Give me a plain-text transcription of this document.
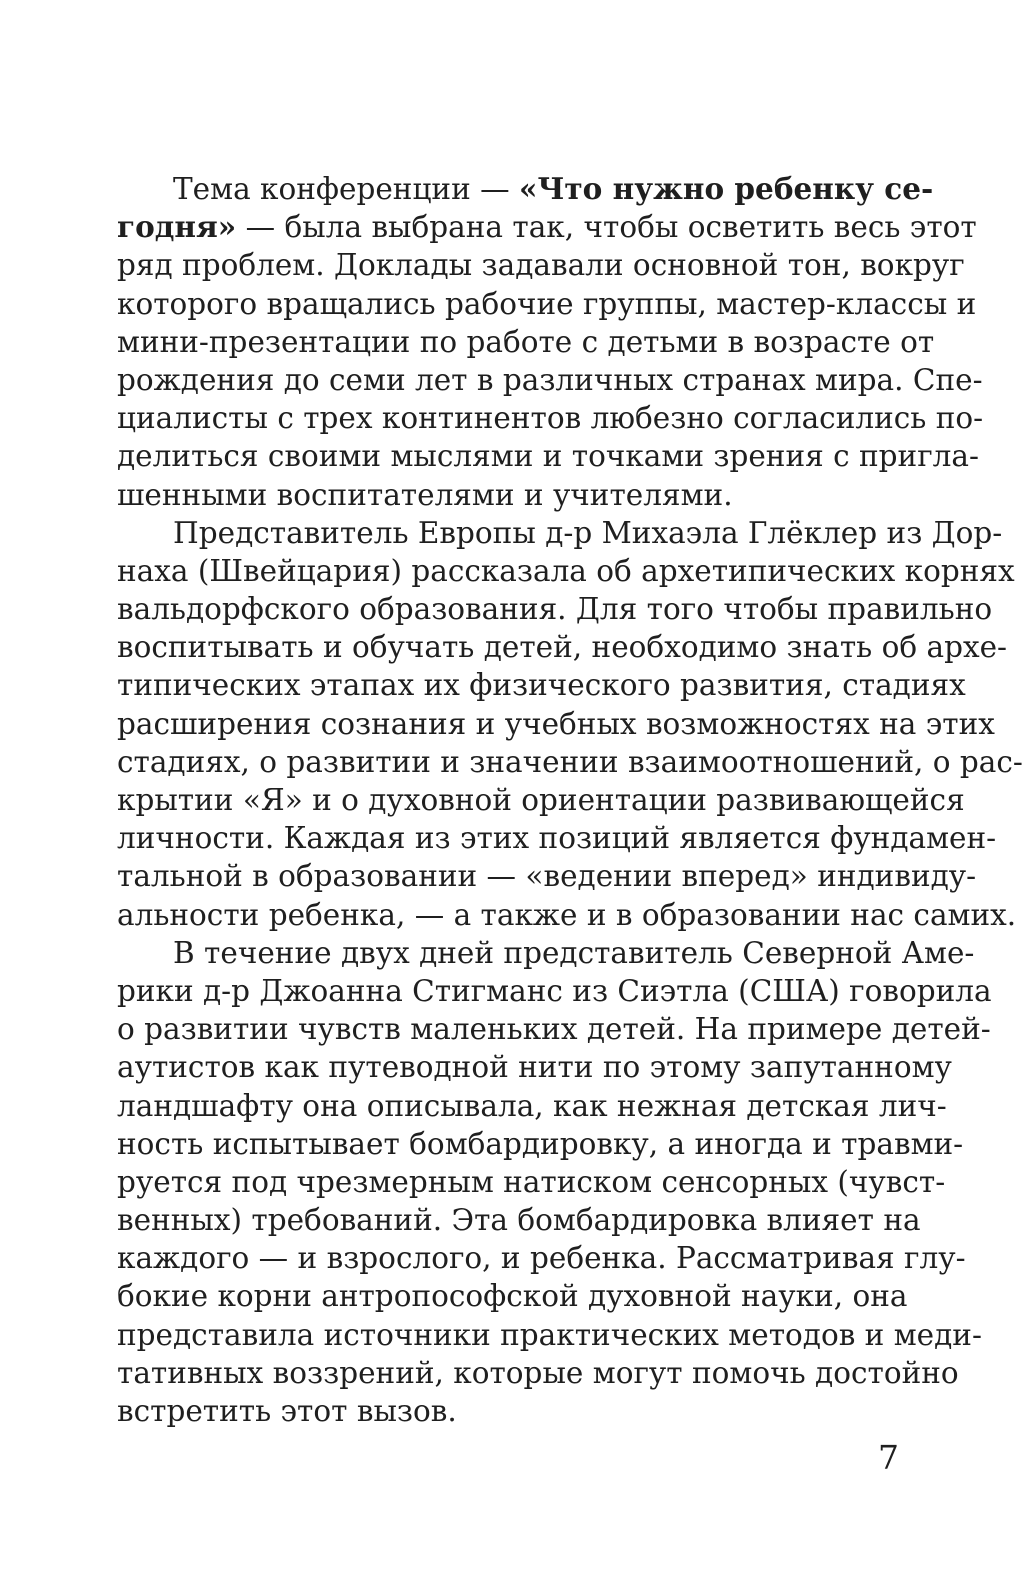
Тема конференции — «Что нужно ребенку се-
годня» — была выбрана так, чтобы осветить весь этот
ряд проблем. Доклады задавали основной тон, вокруг
которого вращались рабочие группы, мастер-классы и
мини-презентации по работе с детьми в возрасте от
рождения до семи лет в различных странах мира. Спе-
циалисты с трех континентов любезно согласились по-
делиться своими мыслями и точками зрения с пригла-
шенными воспитателями и учителями.
Представитель Европы д-р Михаэла Глёклер из Дор-
наха (Швейцария) рассказала об архетипических корнях
вальдорфского образования. Для того чтобы правильно
воспитывать и обучать детей, необходимо знать об архе-
типических этапах их физического развития, стадиях
расширения сознания и учебных возможностях на этих
стадиях, о развитии и значении взаимоотношений, о рас-
крытии «Я» и о духовной ориентации развивающейся
личности. Каждая из этих позиций является фундамен-
тальной в образовании — «ведении вперед» индивиду-
альности ребенка, — а также и в образовании нас самих.
В течение двух дней представитель Северной Аме-
рики д-р Джоанна Стигманс из Сиэтла (США) говорила
о развитии чувств маленьких детей. На примере детей-
аутистов как путеводной нити по этому запутанному
ландшафту она описывала, как нежная детская лич-
ность испытывает бомбардировку, а иногда и травми-
руется под чрезмерным натиском сенсорных (чувст-
венных) требований. Эта бомбардировка влияет на
каждого — и взрослого, и ребенка. Рассматривая глу-
бокие корни антропософской духовной науки, она
представила источники практических методов и меди-
тативных воззрений, которые могут помочь достойно
встретить этот вызов.
7
